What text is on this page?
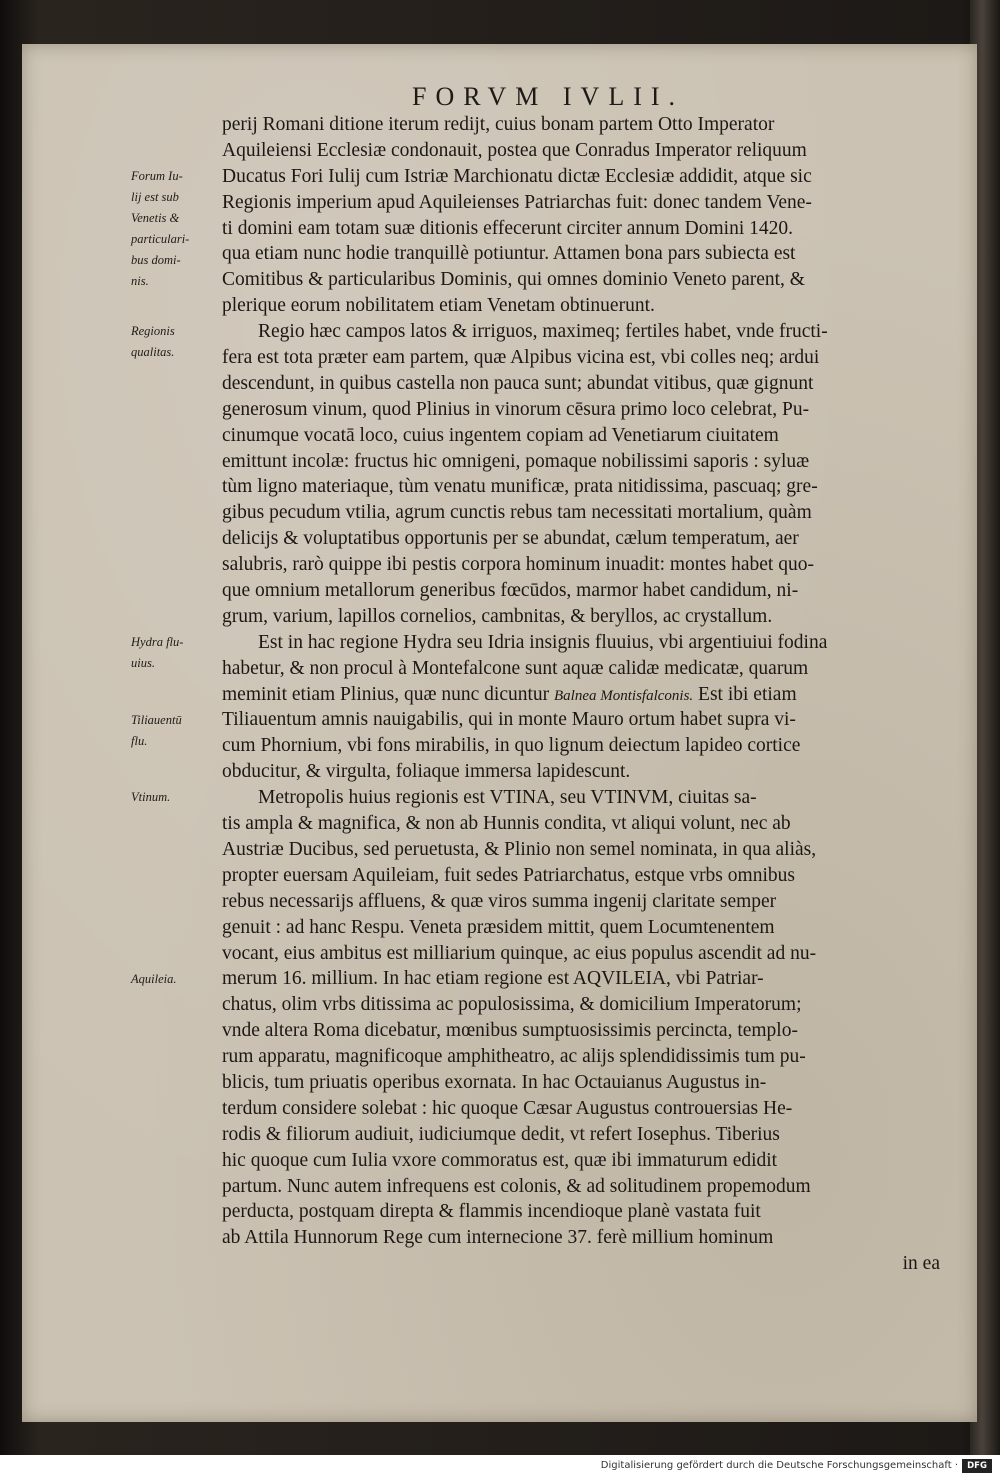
FORVM IVLII.
perij Romani ditione iterum redijt, cuius bonam partem Otto Imperator
Aquileiensi Ecclesiæ condonauit, postea que Conradus Imperator reliquum
Ducatus Fori Iulij cum Istriæ Marchionatu dictæ Ecclesiæ addidit, atque sic
Regionis imperium apud Aquileienses Patriarchas fuit: donec tandem Vene-
ti domini eam totam suæ ditionis effecerunt circiter annum Domini 1420.
qua etiam nunc hodie tranquillè potiuntur. Attamen bona pars subiecta est
Comitibus & particularibus Dominis, qui omnes dominio Veneto parent, &
plerique eorum nobilitatem etiam Venetam obtinuerunt.
Regio hæc campos latos & irriguos, maximeq; fertiles habet, vnde fructi-
fera est tota præter eam partem, quæ Alpibus vicina est, vbi colles neq; ardui
descendunt, in quibus castella non pauca sunt; abundat vitibus, quæ gignunt
generosum vinum, quod Plinius in vinorum cēsura primo loco celebrat, Pu-
cinumque vocatā loco, cuius ingentem copiam ad Venetiarum ciuitatem
emittunt incolæ: fructus hic omnigeni, pomaque nobilissimi saporis : syluæ
tùm ligno materiaque, tùm venatu munificæ, prata nitidissima, pascuaq; gre-
gibus pecudum vtilia, agrum cunctis rebus tam necessitati mortalium, quàm
delicijs & voluptatibus opportunis per se abundat, cælum temperatum, aer
salubris, rarò quippe ibi pestis corpora hominum inuadit: montes habet quo-
que omnium metallorum generibus fœcūdos, marmor habet candidum, ni-
grum, varium, lapillos cornelios, cambnitas, & beryllos, ac crystallum.
Est in hac regione Hydra seu Idria insignis fluuius, vbi argentiuiui fodina
habetur, & non procul à Montefalcone sunt aquæ calidæ medicatæ, quarum
meminit etiam Plinius, quæ nunc dicuntur Balnea Montisfalconis. Est ibi etiam
Tiliauentum amnis nauigabilis, qui in monte Mauro ortum habet supra vi-
cum Phornium, vbi fons mirabilis, in quo lignum deiectum lapideo cortice
obducitur, & virgulta, foliaque immersa lapidescunt.
Metropolis huius regionis est VTINA, seu VTINVM, ciuitas sa-
tis ampla & magnifica, & non ab Hunnis condita, vt aliqui volunt, nec ab
Austriæ Ducibus, sed peruetusta, & Plinio non semel nominata, in qua aliàs,
propter euersam Aquileiam, fuit sedes Patriarchatus, estque vrbs omnibus
rebus necessarijs affluens, & quæ viros summa ingenij claritate semper
genuit : ad hanc Respu. Veneta præsidem mittit, quem Locumtenentem
vocant, eius ambitus est milliarium quinque, ac eius populus ascendit ad nu-
merum 16. millium. In hac etiam regione est AQVILEIA, vbi Patriar-
chatus, olim vrbs ditissima ac populosissima, & domicilium Imperatorum;
vnde altera Roma dicebatur, mœnibus sumptuosissimis percincta, templo-
rum apparatu, magnificoque amphitheatro, ac alijs splendidissimis tum pu-
blicis, tum priuatis operibus exornata. In hac Octauianus Augustus in-
terdum considere solebat : hic quoque Cæsar Augustus controuersias He-
rodis & filiorum audiuit, iudiciumque dedit, vt refert Iosephus. Tiberius
hic quoque cum Iulia vxore commoratus est, quæ ibi immaturum edidit
partum. Nunc autem infrequens est colonis, & ad solitudinem propemodum
perducta, postquam direpta & flammis incendioque planè vastata fuit
ab Attila Hunnorum Rege cum internecione 37. ferè millium hominum
in ea
Forum Iu-
lij est sub
Venetis &
particulari-
bus domi-
nis.
Regionis
qualitas.
Hydra flu-
uius.
Tiliauentū
flu.
Vtinum.
Aquileia.
Digitalisierung gefördert durch die Deutsche Forschungsgemeinschaft ·	DFG
